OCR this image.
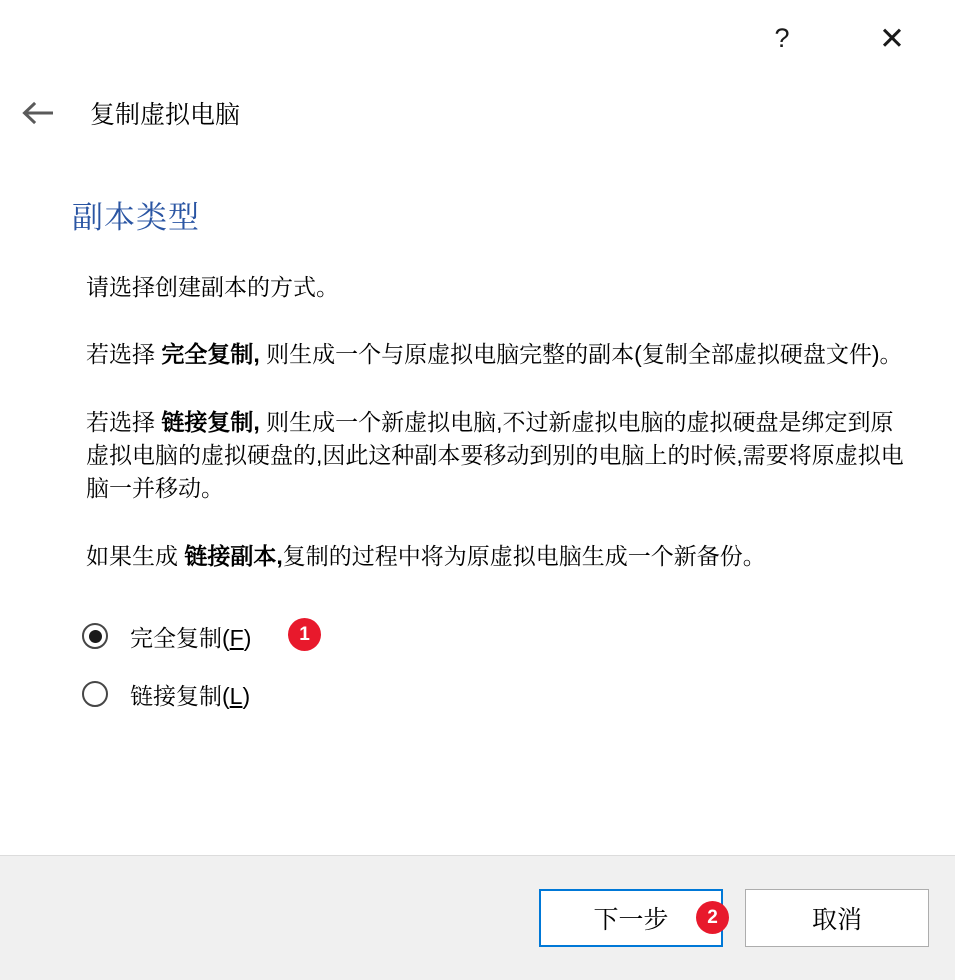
?	✕
复制虚拟电脑
副本类型

请选择创建副本的方式。

若选择 完全复制, 则生成一个与原虚拟电脑完整的副本(复制全部虚拟硬盘文件)。

若选择 链接复制, 则生成一个新虚拟电脑,不过新虚拟电脑的虚拟硬盘是绑定到原虚拟电脑的虚拟硬盘的,因此这种副本要移动到别的电脑上的时候,需要将原虚拟电脑一并移动。

如果生成 链接副本,复制的过程中将为原虚拟电脑生成一个新备份。

完全复制(F)	1
链接复制(L)
下一步	2	取消
